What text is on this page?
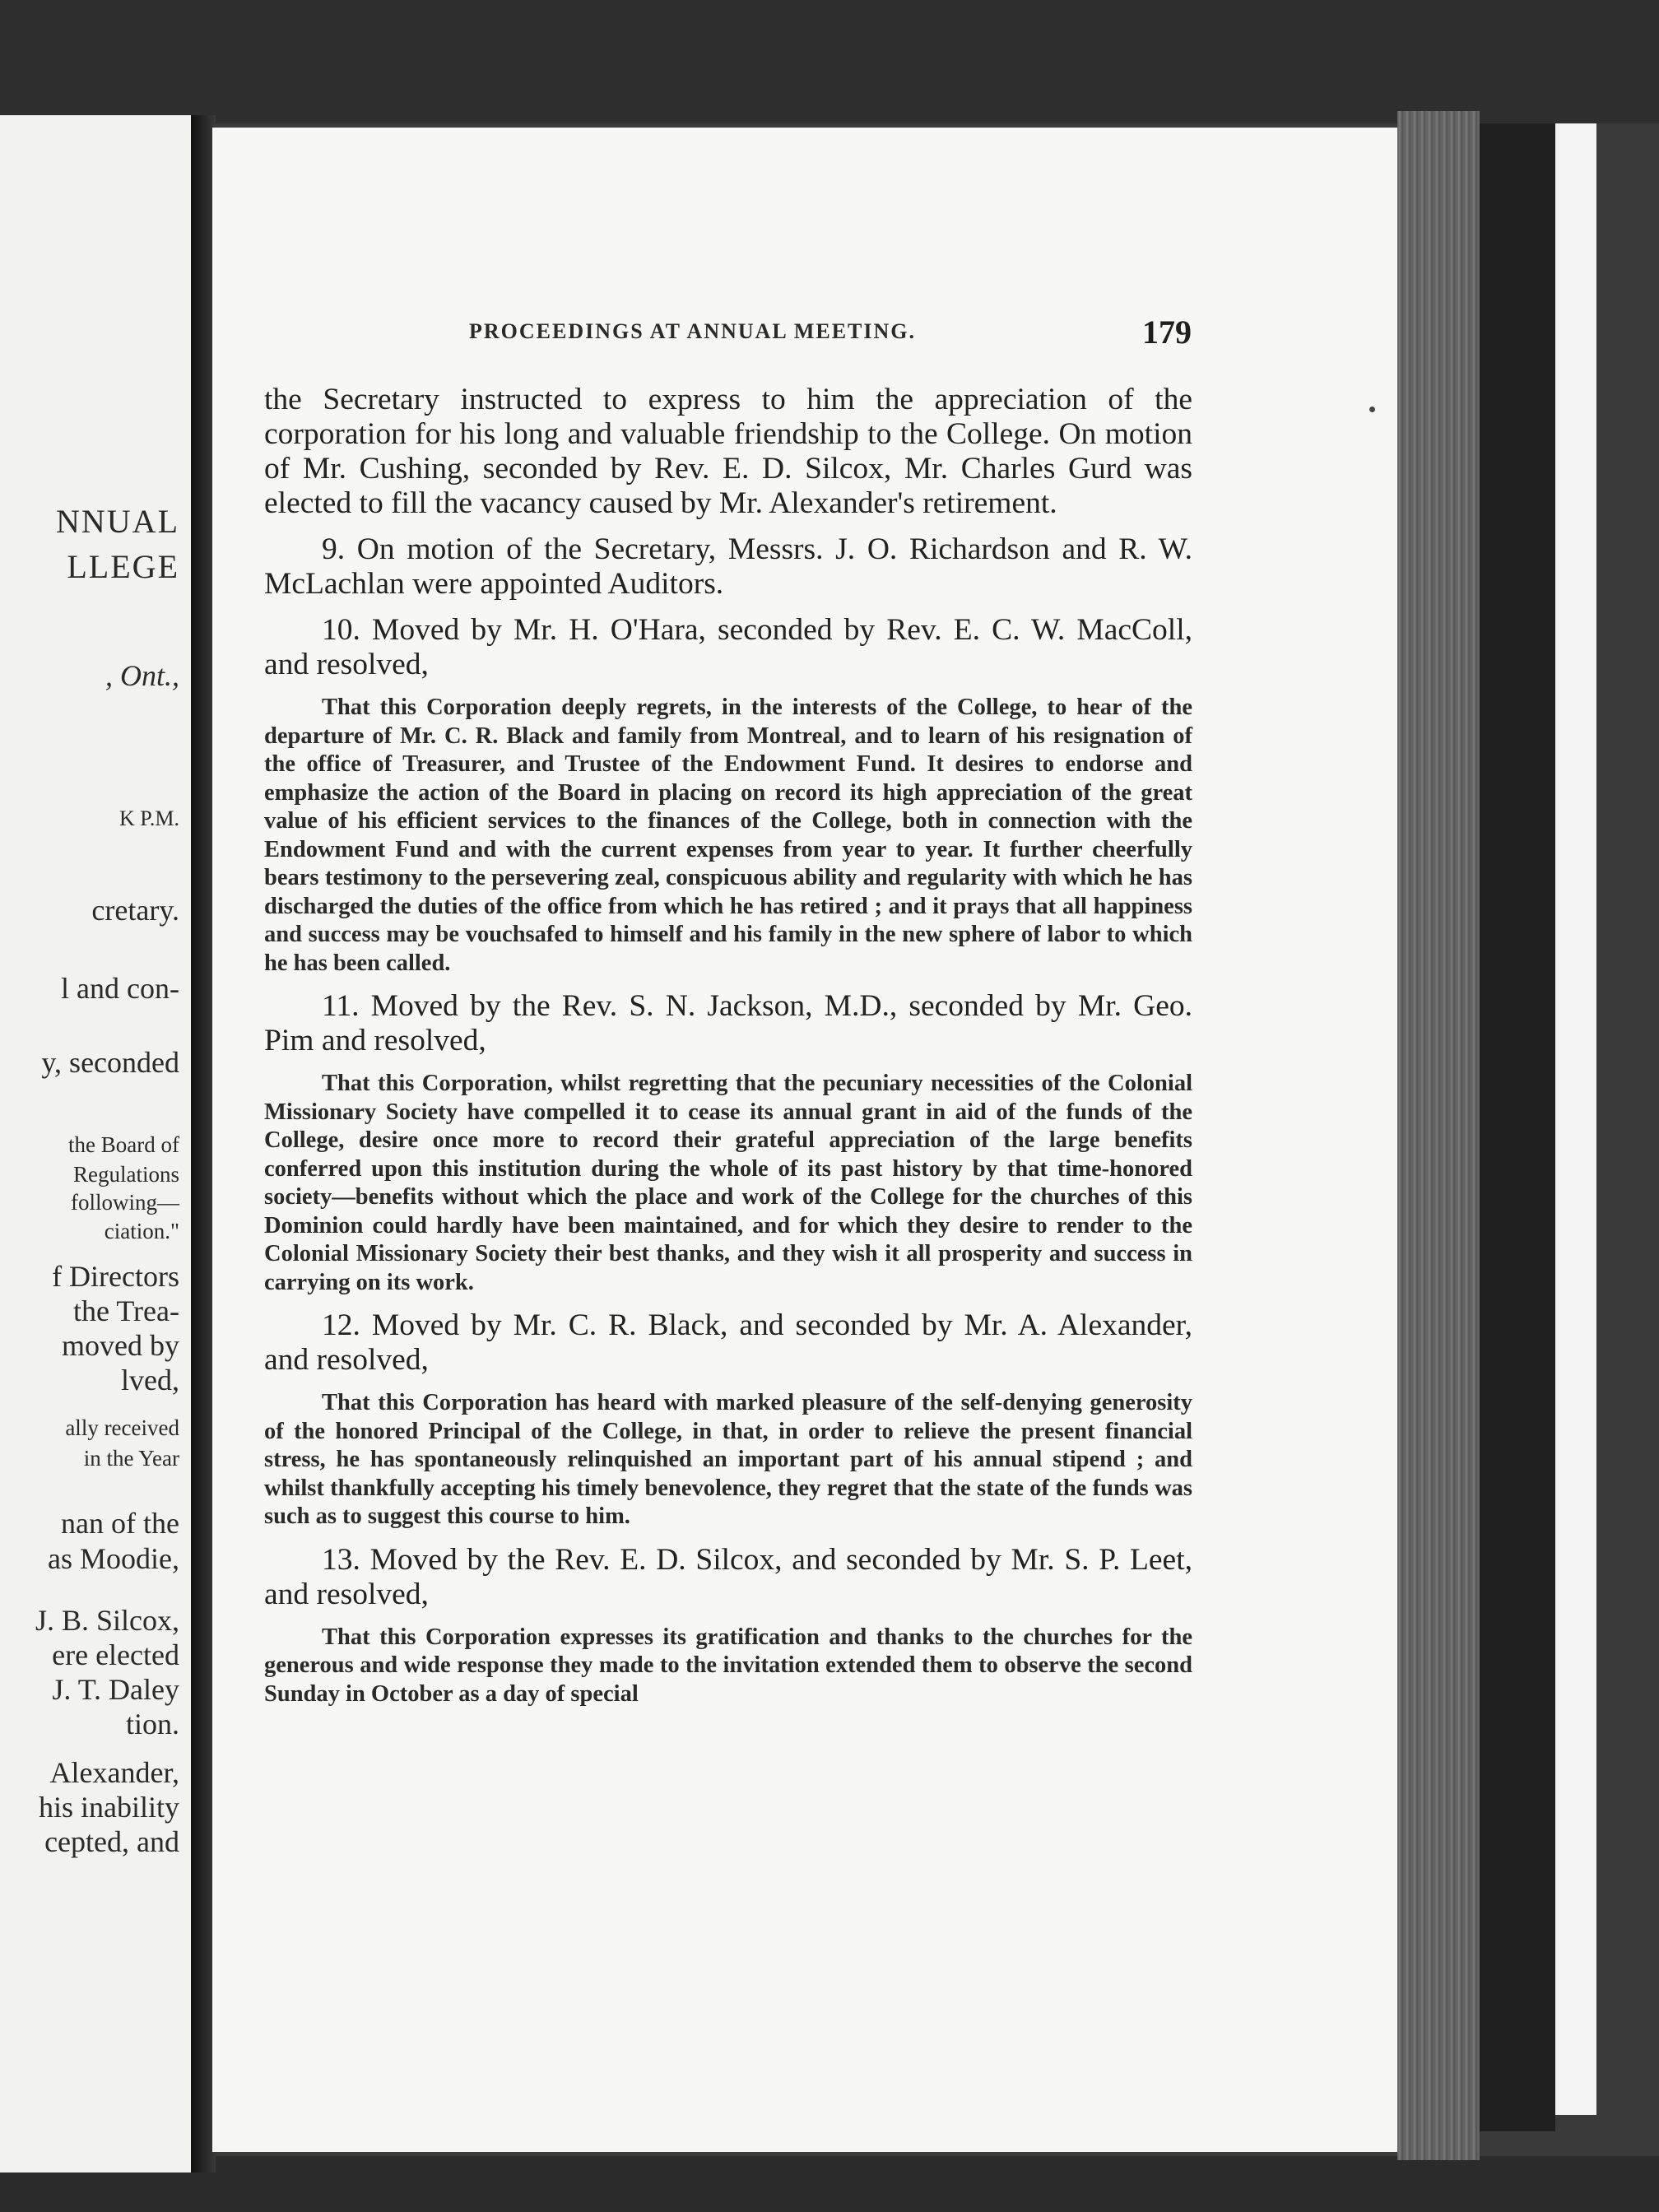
NNUAL
LLEGE
, Ont.,
K P.M.
cretary.
l and con-
y, seconded
the Board of
Regulations
following—
ciation."
f Directors
the Trea-
moved by
lved,
ally received
in the Year
nan of the
as Moodie,
J. B. Silcox,
ere elected
J. T. Daley
tion.
Alexander,
his inability
cepted, and
PROCEEDINGS AT ANNUAL MEETING.	179

the Secretary instructed to express to him the appreciation of the corporation for his long and valuable friendship to the College. On motion of Mr. Cushing, seconded by Rev. E. D. Silcox, Mr. Charles Gurd was elected to fill the vacancy caused by Mr. Alexander's retirement.

9. On motion of the Secretary, Messrs. J. O. Richardson and R. W. McLachlan were appointed Auditors.

10. Moved by Mr. H. O'Hara, seconded by Rev. E. C. W. MacColl, and resolved,

That this Corporation deeply regrets, in the interests of the College, to hear of the departure of Mr. C. R. Black and family from Montreal, and to learn of his resignation of the office of Treasurer, and Trustee of the Endowment Fund. It desires to endorse and emphasize the action of the Board in placing on record its high appreciation of the great value of his efficient services to the finances of the College, both in connection with the Endowment Fund and with the current expenses from year to year. It further cheerfully bears testimony to the persevering zeal, conspicuous ability and regularity with which he has discharged the duties of the office from which he has retired ; and it prays that all happiness and success may be vouchsafed to himself and his family in the new sphere of labor to which he has been called.

11. Moved by the Rev. S. N. Jackson, M.D., seconded by Mr. Geo. Pim and resolved,

That this Corporation, whilst regretting that the pecuniary necessities of the Colonial Missionary Society have compelled it to cease its annual grant in aid of the funds of the College, desire once more to record their grateful appreciation of the large benefits conferred upon this institution during the whole of its past history by that time-honored society—benefits without which the place and work of the College for the churches of this Dominion could hardly have been maintained, and for which they desire to render to the Colonial Missionary Society their best thanks, and they wish it all prosperity and success in carrying on its work.

12. Moved by Mr. C. R. Black, and seconded by Mr. A. Alexander, and resolved,

That this Corporation has heard with marked pleasure of the self-denying generosity of the honored Principal of the College, in that, in order to relieve the present financial stress, he has spontaneously relinquished an important part of his annual stipend ; and whilst thankfully accepting his timely benevolence, they regret that the state of the funds was such as to suggest this course to him.

13. Moved by the Rev. E. D. Silcox, and seconded by Mr. S. P. Leet, and resolved,

That this Corporation expresses its gratification and thanks to the churches for the generous and wide response they made to the invitation extended them to observe the second Sunday in October as a day of special
